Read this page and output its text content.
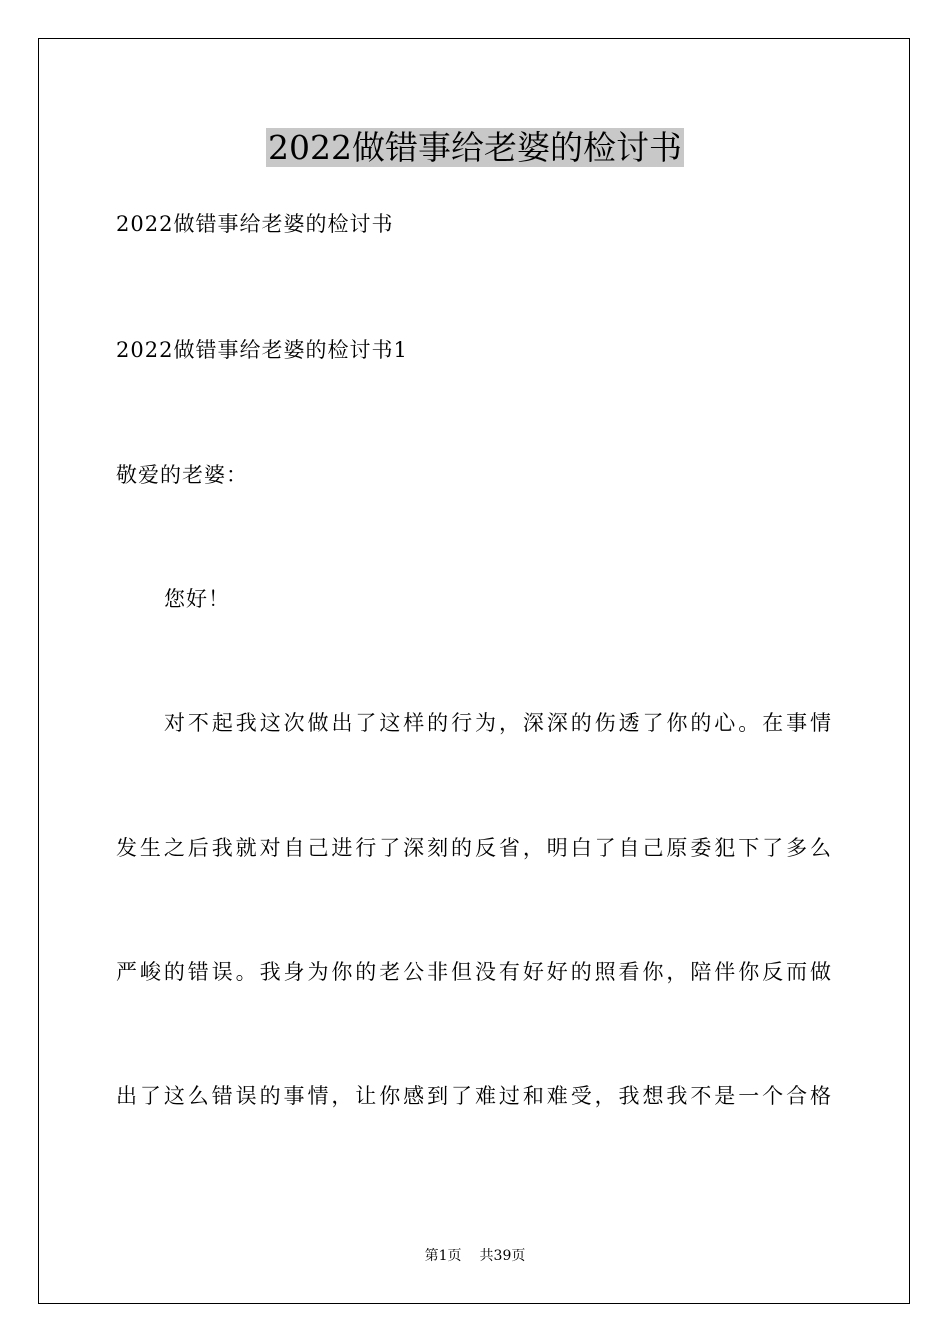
2022做错事给老婆的检讨书
2022做错事给老婆的检讨书
2022做错事给老婆的检讨书1
敬爱的老婆：
您好！
对不起我这次做出了这样的行为，深深的伤透了你的心。在事情
发生之后我就对自己进行了深刻的反省，明白了自己原委犯下了多么
严峻的错误。我身为你的老公非但没有好好的照看你，陪伴你反而做
出了这么错误的事情，让你感到了难过和难受，我想我不是一个合格
第1页 共39页
